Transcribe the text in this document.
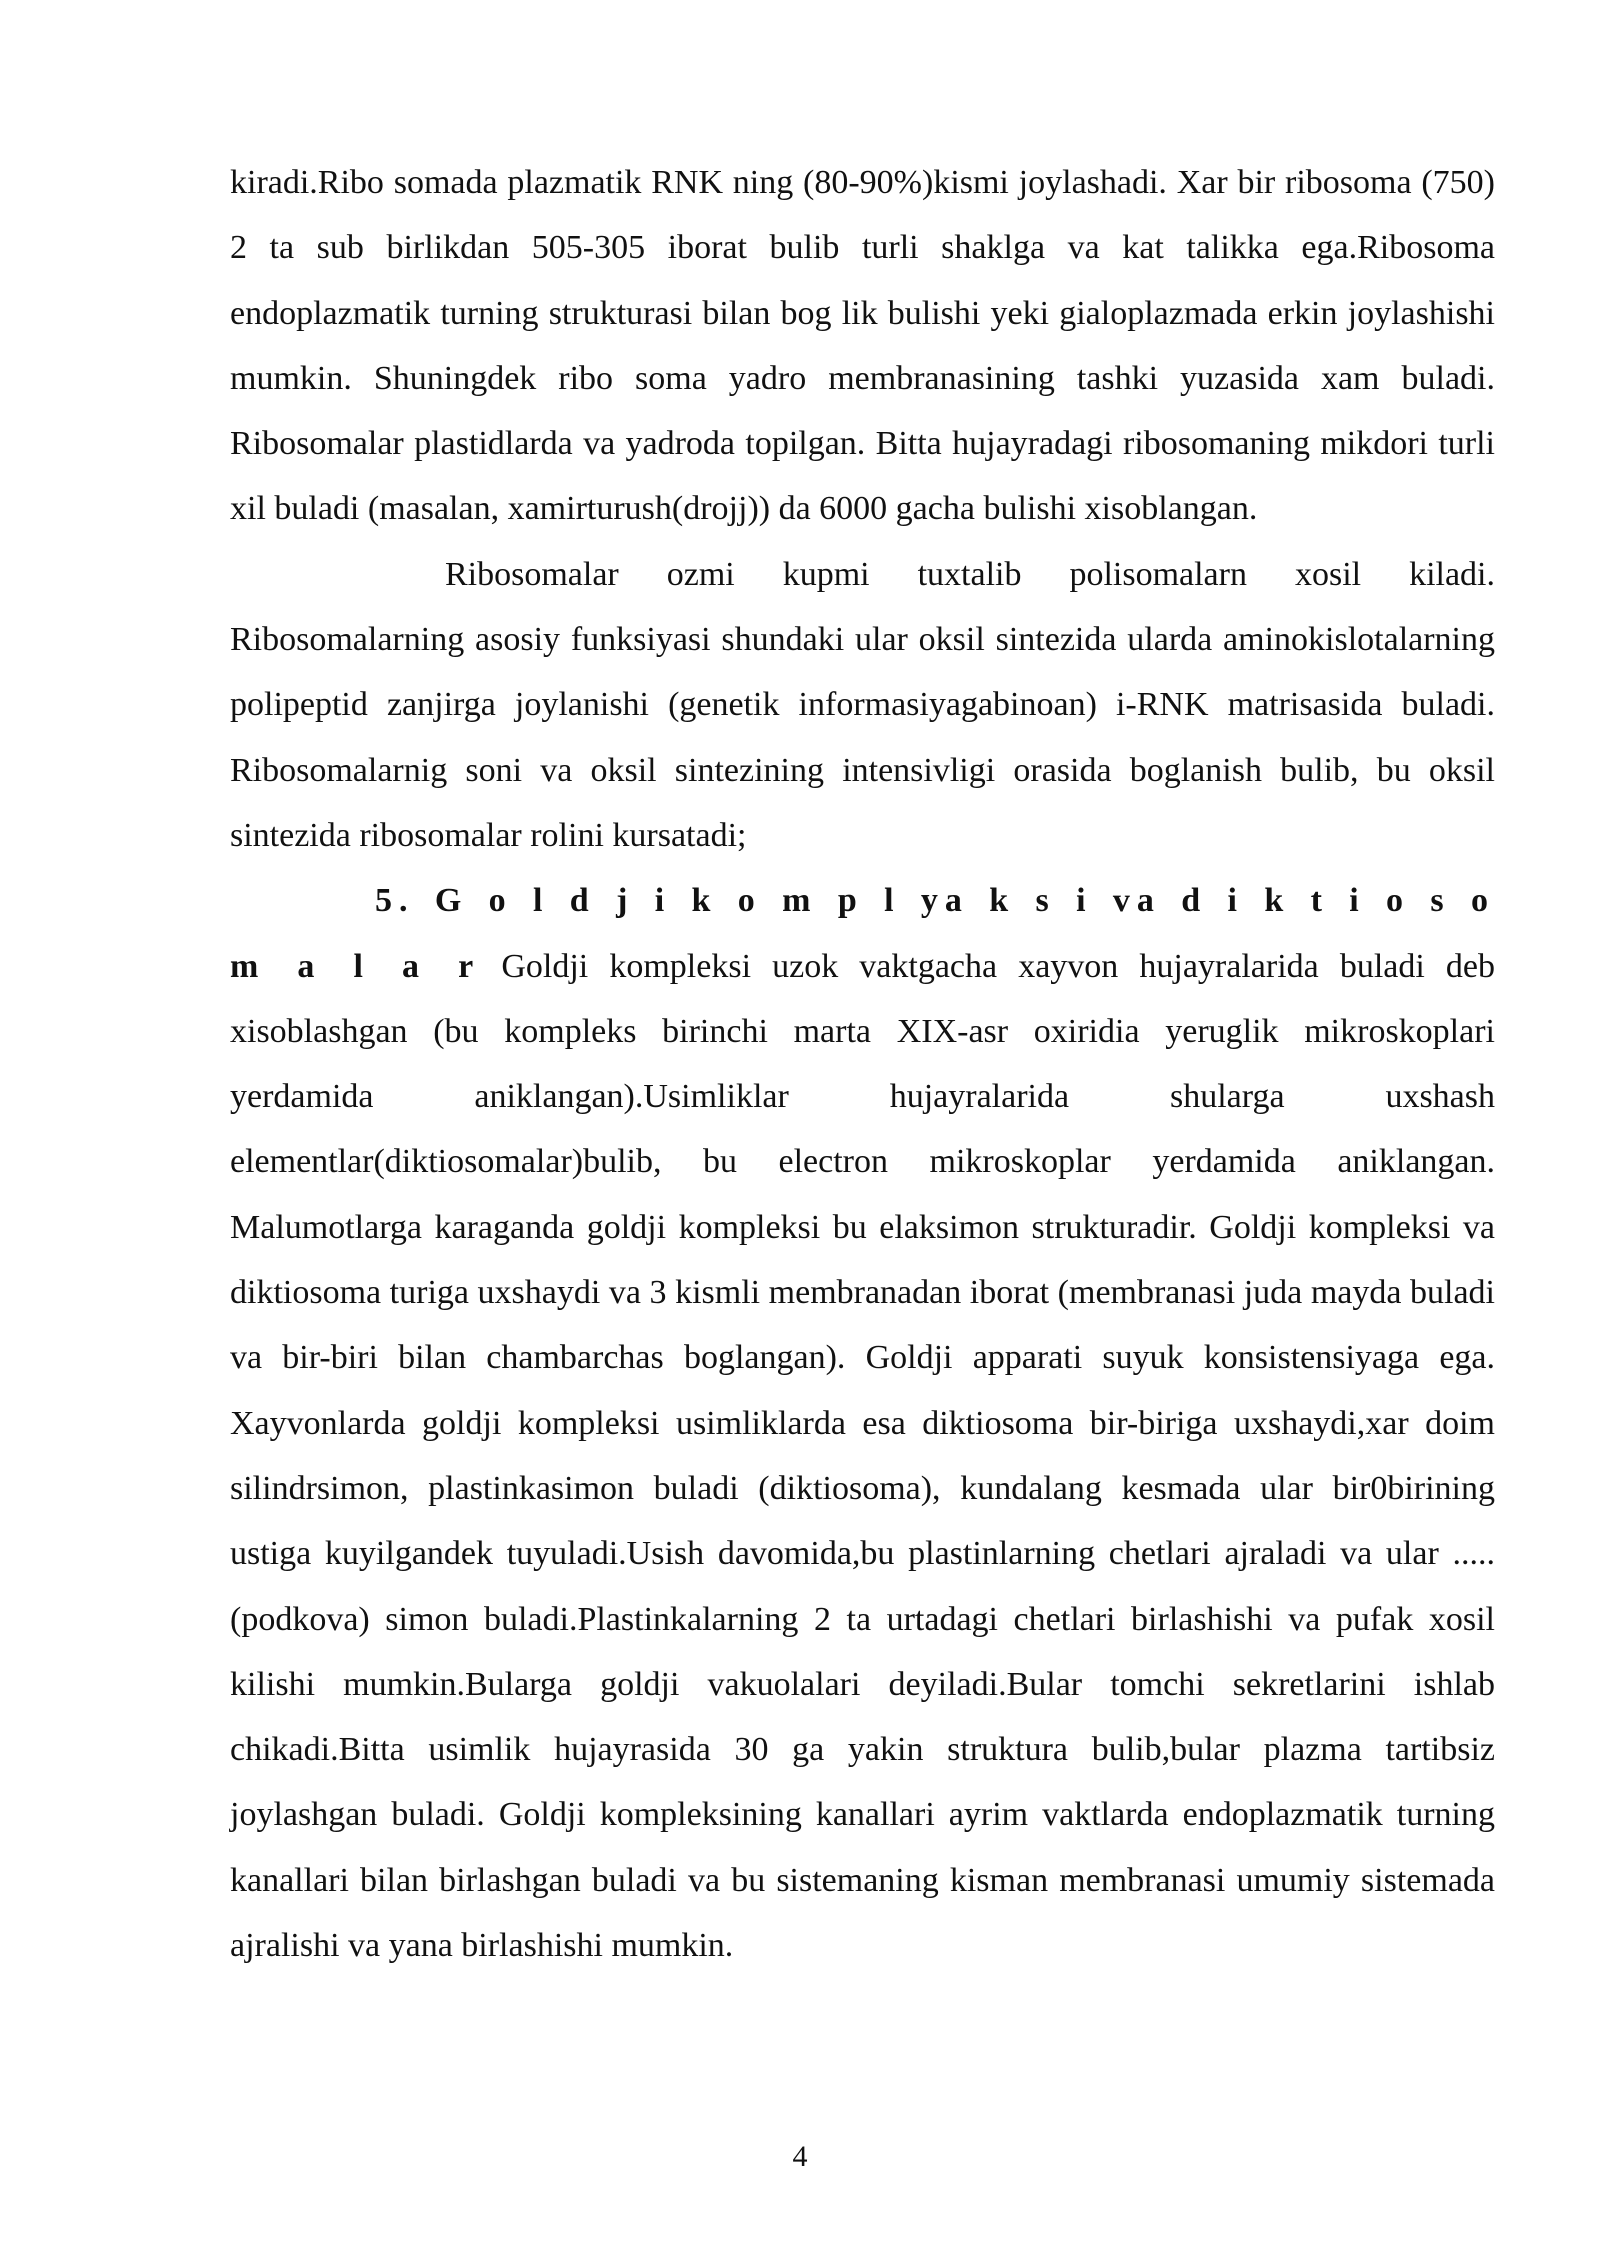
kiradi.Ribo somada plazmatik RNK ning (80-90%)kismi joylashadi. Xar bir ribosoma (750) 2 ta sub birlikdan 505-305 iborat bulib turli shaklga va kat talikka ega.Ribosoma endoplazmatik turning strukturasi bilan bog lik bulishi yeki gialoplazmada erkin joylashishi mumkin. Shuningdek ribo soma yadro membranasining tashki yuzasida xam buladi. Ribosomalar plastidlarda va yadroda topilgan. Bitta hujayradagi ribosomaning mikdori turli xil buladi (masalan, xamirturush(drojj)) da 6000 gacha bulishi xisoblangan.

Ribosomalar ozmi kupmi tuxtalib polisomalarn xosil kiladi. Ribosomalarning asosiy funksiyasi shundaki ular oksil sintezida ularda aminokislotalarning polipeptid zanjirga joylanishi (genetik informasiyagabinoan) i-RNK matrisasida buladi. Ribosomalarnig soni va oksil sintezining intensivligi orasida boglanish bulib, bu oksil sintezida ribosomalar rolini kursatadi;

5. G o l d j i k o m p l ya k s i va d i k t i o s o m a l a r Goldji kompleksi uzok vaktgacha xayvon hujayralarida buladi deb xisoblashgan (bu kompleks birinchi marta XIX-asr oxiridia yeruglik mikroskoplari yerdamida aniklangan).Usimliklar hujayralarida shularga uxshash elementlar(diktiosomalar)bulib, bu electron mikroskoplar yerdamida aniklangan. Malumotlarga karaganda goldji kompleksi bu elaksimon strukturadir. Goldji kompleksi va diktiosoma turiga uxshaydi va 3 kismli membranadan iborat (membranasi juda mayda buladi va bir-biri bilan chambarchas boglangan). Goldji apparati suyuk konsistensiyaga ega. Xayvonlarda goldji kompleksi usimliklarda esa diktiosoma bir-biriga uxshaydi,xar doim silindrsimon, plastinkasimon buladi (diktiosoma), kundalang kesmada ular bir0birining ustiga kuyilgandek tuyuladi.Usish davomida,bu plastinlarning chetlari ajraladi va ular .....(podkova) simon buladi.Plastinkalarning 2 ta urtadagi chetlari birlashishi va pufak xosil kilishi mumkin.Bularga goldji vakuolalari deyiladi.Bular tomchi sekretlarini ishlab chikadi.Bitta usimlik hujayrasida 30 ga yakin struktura bulib,bular plazma tartibsiz joylashgan buladi. Goldji kompleksining kanallari ayrim vaktlarda endoplazmatik turning kanallari bilan birlashgan buladi va bu sistemaning kisman membranasi umumiy sistemada ajralishi va yana birlashishi mumkin.

4
